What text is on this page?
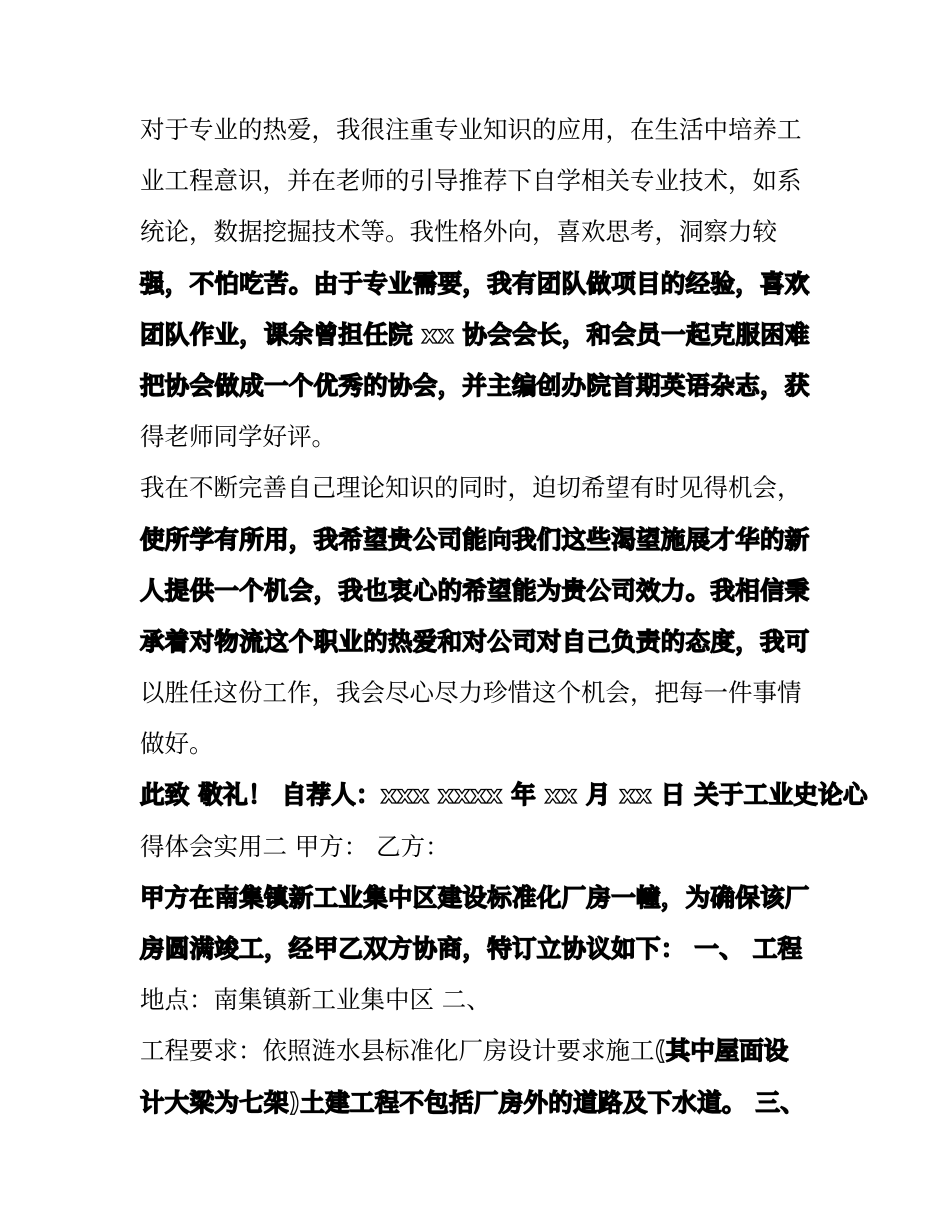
对于专业的热爱，我很注重专业知识的应用，在生活中培养工
业工程意识，并在老师的引导推荐下自学相关专业技术，如系
统论，数据挖掘技术等。我性格外向，喜欢思考，洞察力较
强，不怕吃苦。由于专业需要，我有团队做项目的经验，喜欢
团队作业，课余曾担任院 xx 协会会长，和会员一起克服困难
把协会做成一个优秀的协会，并主编创办院首期英语杂志，获
得老师同学好评。
我在不断完善自己理论知识的同时，迫切希望有时见得机会，
使所学有所用，我希望贵公司能向我们这些渴望施展才华的新
人提供一个机会，我也衷心的希望能为贵公司效力。我相信秉
承着对物流这个职业的热爱和对公司对自己负责的态度，我可
以胜任这份工作，我会尽心尽力珍惜这个机会，把每一件事情
做好。
此致 敬礼！ 自荐人：xxx xxxx 年 xx 月 xx 日 关于工业史论心
得体会实用二 甲方： 乙方：
甲方在南集镇新工业集中区建设标准化厂房一幢，为确保该厂
房圆满竣工，经甲乙双方协商，特订立协议如下： 一、 工程
地点：南集镇新工业集中区 二、
工程要求：依照涟水县标准化厂房设计要求施工(其中屋面设
计大梁为七架)土建工程不包括厂房外的道路及下水道。 三、
